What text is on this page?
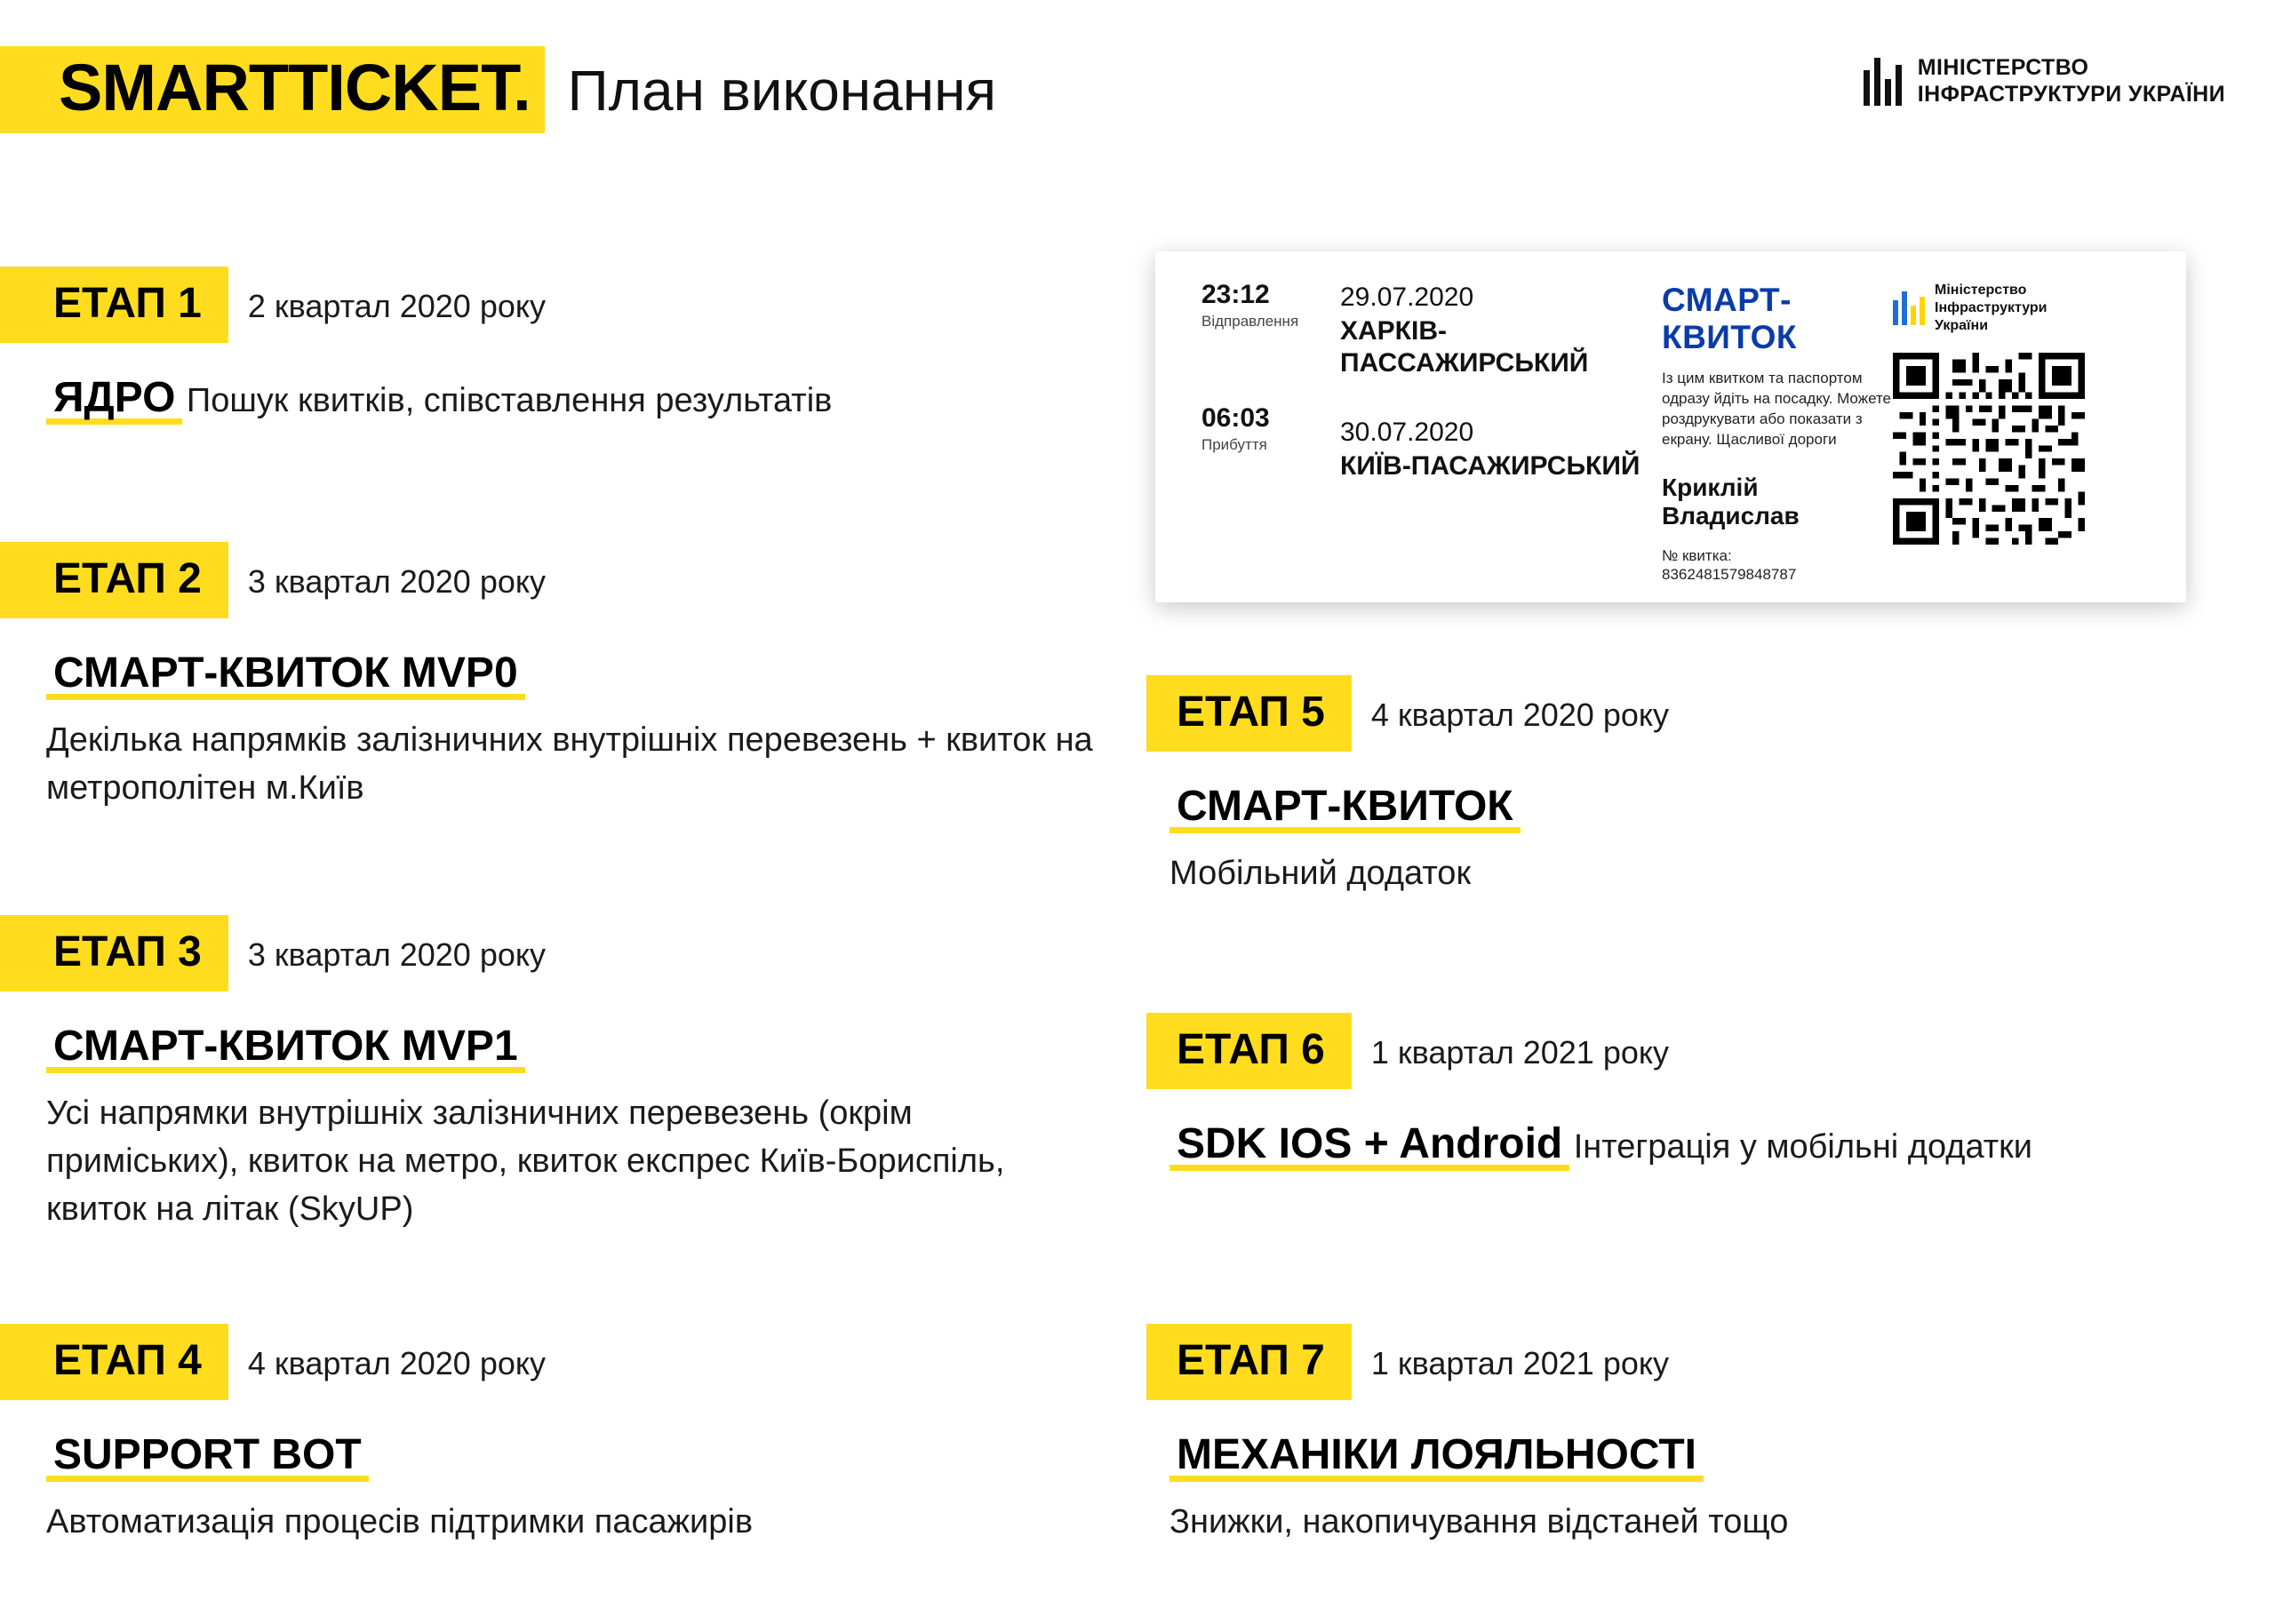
SMARTTICKET. План виконання	МІНІСТЕРСТВО
ІНФРАСТРУКТУРИ УКРАЇНИ
23:12
Відправлення
06:03
Прибуття
29.07.2020
ХАРКІВ-ПАССАЖИРСЬКИЙ
30.07.2020
КИЇВ-ПАСАЖИРСЬКИЙ
СМАРТ-КВИТОК
Із цим квитком та паспортом одразу йдіть на посадку. Можете роздрукувати або показати з екрану. Щасливої дороги
Криклій Владислав
№ квитка:
8362481579848787
Міністерство
Інфраструктури
України
ЕТАП 1	2 квартал 2020 року
ЯДРО Пошук квитків, співставлення результатів
ЕТАП 2	3 квартал 2020 року
СМАРТ-КВИТОК MVP0
Декілька напрямків залізничних внутрішніх перевезень + квиток на метрополітен м.Київ
ЕТАП 3	3 квартал 2020 року
СМАРТ-КВИТОК MVP1
Усі напрямки внутрішніх залізничних перевезень (окрім приміських), квиток на метро, квиток експрес Київ-Бориспіль, квиток на літак (SkyUP)
ЕТАП 4	4 квартал 2020 року
SUPPORT BOT
Автоматизація процесів підтримки пасажирів
ЕТАП 5	4 квартал 2020 року
СМАРТ-КВИТОК
Мобільний додаток
ЕТАП 6	1 квартал 2021 року
SDK IOS + Android Інтеграція у мобільні додатки
ЕТАП 7	1 квартал 2021 року
МЕХАНІКИ ЛОЯЛЬНОСТІ
Знижки, накопичування відстаней тощо
